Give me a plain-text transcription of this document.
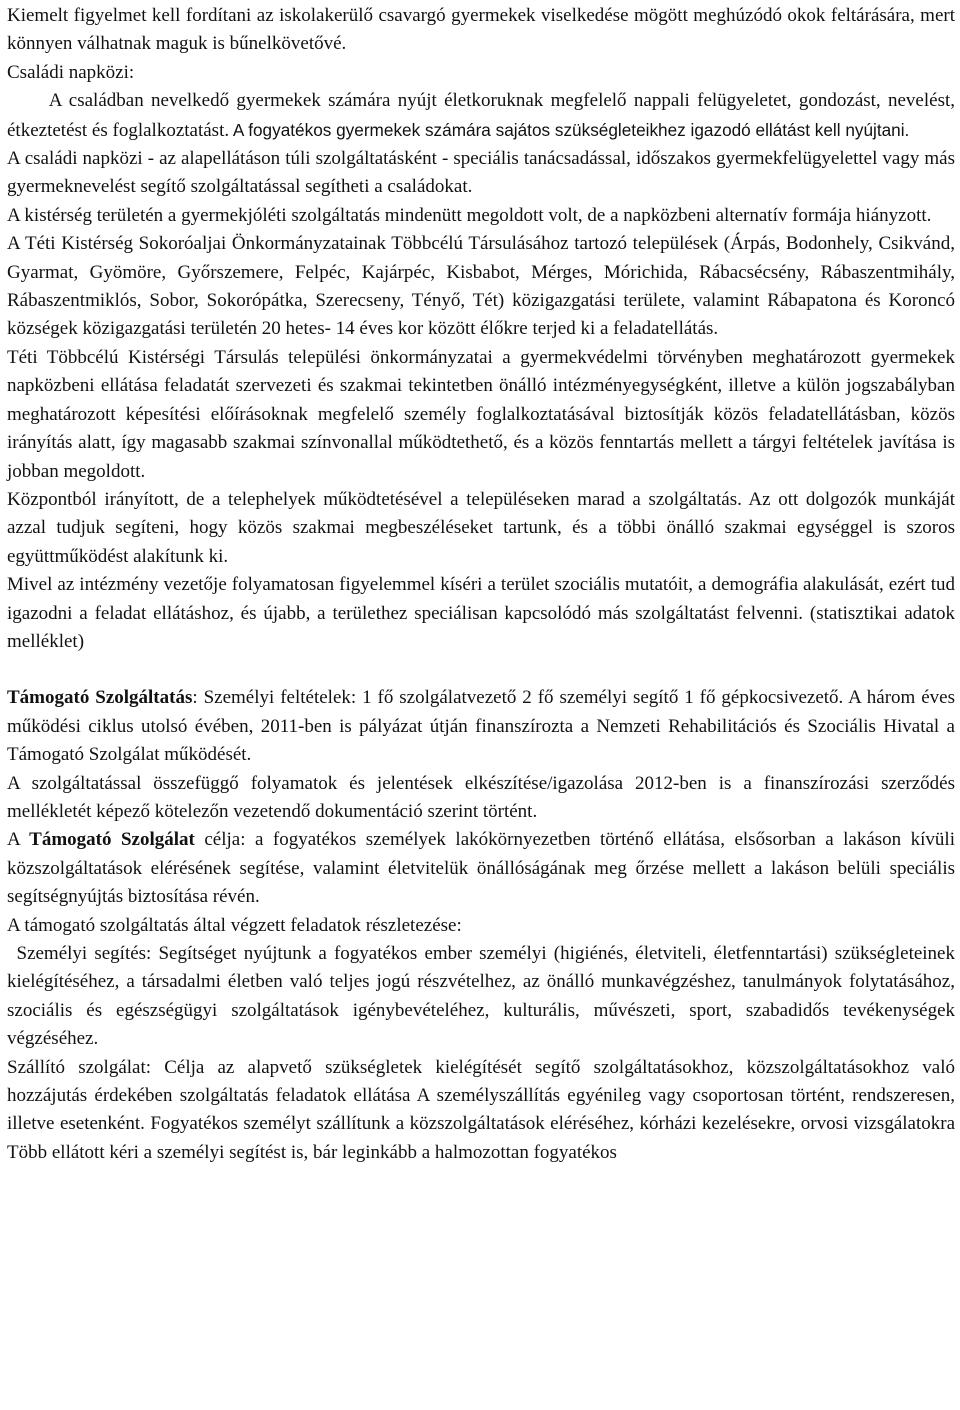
Kiemelt figyelmet kell fordítani az iskolakerülő csavargó gyermekek viselkedése mögött meghúzódó okok feltárására, mert könnyen válhatnak maguk is bűnelkövetővé.

Családi napközi:

A családban nevelkedő gyermekek számára nyújt életkoruknak megfelelő nappali felügyeletet, gondozást, nevelést, étkeztetést és foglalkoztatást. A fogyatékos gyermekek számára sajátos szükségleteikhez igazodó ellátást kell nyújtani.

A családi napközi - az alapellátáson túli szolgáltatásként - speciális tanácsadással, időszakos gyermekfelügyelettel vagy más gyermeknevelést segítő szolgáltatással segítheti a családokat.

A kistérség területén a gyermekjóléti szolgáltatás mindenütt megoldott volt, de a napközbeni alternatív formája hiányzott.

A Téti Kistérség Sokoróaljai Önkormányzatainak Többcélú Társulásához tartozó települések (Árpás, Bodonhely, Csikvánd, Gyarmat, Gyömöre, Győrszemere, Felpéc, Kajárpéc, Kisbabot, Mérges, Mórichida, Rábacsécsény, Rábaszentmihály, Rábaszentmiklós, Sobor, Sokorópátka, Szerecseny, Tényő, Tét) közigazgatási területe, valamint Rábapatona és Koroncó községek közigazgatási területén 20 hetes- 14 éves kor között élőkre terjed ki a feladatellátás.

Téti Többcélú Kistérségi Társulás települési önkormányzatai a gyermekvédelmi törvényben meghatározott gyermekek napközbeni ellátása feladatát szervezeti és szakmai tekintetben önálló intézményegységként, illetve a külön jogszabályban meghatározott képesítési előírásoknak megfelelő személy foglalkoztatásával biztosítják közös feladatellátásban, közös irányítás alatt, így magasabb szakmai színvonallal működtethető, és a közös fenntartás mellett a tárgyi feltételek javítása is jobban megoldott.

Központból irányított, de a telephelyek működtetésével a településeken marad a szolgáltatás. Az ott dolgozók munkáját azzal tudjuk segíteni, hogy közös szakmai megbeszéléseket tartunk, és a többi önálló szakmai egységgel is szoros együttműködést alakítunk ki.

Mivel az intézmény vezetője folyamatosan figyelemmel kíséri a terület szociális mutatóit, a demográfia alakulását, ezért tud igazodni a feladat ellátáshoz, és újabb, a területhez speciálisan kapcsolódó más szolgáltatást felvenni. (statisztikai adatok melléklet)

Támogató Szolgáltatás: Személyi feltételek: 1 fő szolgálatvezető 2 fő személyi segítő 1 fő gépkocsivezető. A három éves működési ciklus utolsó évében, 2011-ben is pályázat útján finanszírozta a Nemzeti Rehabilitációs és Szociális Hivatal a Támogató Szolgálat működését.

A szolgáltatással összefüggő folyamatok és jelentések elkészítése/igazolása 2012-ben is a finanszírozási szerződés mellékletét képező kötelezőn vezetendő dokumentáció szerint történt.

A Támogató Szolgálat célja: a fogyatékos személyek lakókörnyezetben történő ellátása, elsősorban a lakáson kívüli közszolgáltatások elérésének segítése, valamint életvitelük önállóságának meg őrzése mellett a lakáson belüli speciális segítségnyújtás biztosítása révén.

A támogató szolgáltatás által végzett feladatok részletezése:

Személyi segítés: Segítséget nyújtunk a fogyatékos ember személyi (higiénés, életviteli, életfenntartási) szükségleteinek kielégítéséhez, a társadalmi életben való teljes jogú részvételhez, az önálló munkavégzéshez, tanulmányok folytatásához, szociális és egészségügyi szolgáltatások igénybevételéhez, kulturális, művészeti, sport, szabadidős tevékenységek végzéséhez.

Szállító szolgálat: Célja az alapvető szükségletek kielégítését segítő szolgáltatásokhoz, közszolgáltatásokhoz való hozzájutás érdekében szolgáltatás feladatok ellátása A személyszállítás egyénileg vagy csoportosan történt, rendszeresen, illetve esetenként. Fogyatékos személyt szállítunk a közszolgáltatások eléréséhez, kórházi kezelésekre, orvosi vizsgálatokra Több ellátott kéri a személyi segítést is, bár leginkább a halmozottan fogyatékos
